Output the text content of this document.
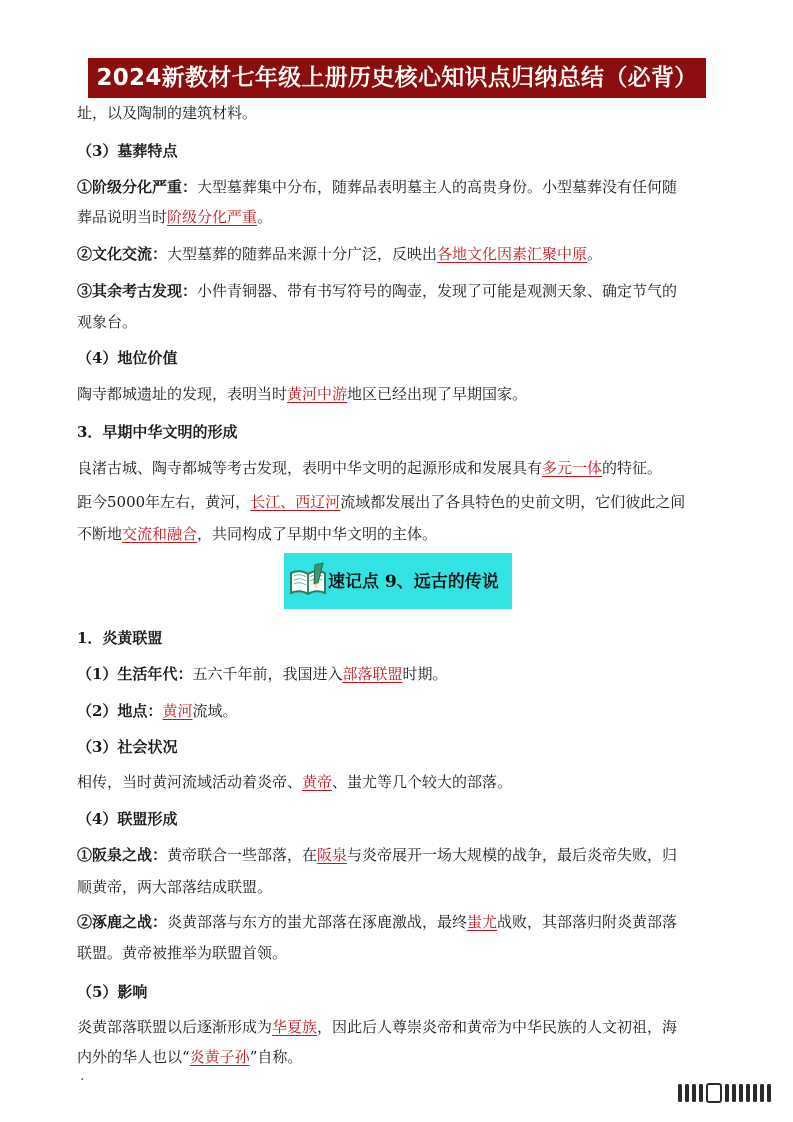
2024新教材七年级上册历史核心知识点归纳总结（必背）
址，以及陶制的建筑材料。
（3）墓葬特点
①阶级分化严重：大型墓葬集中分布，随葬品表明墓主人的高贵身份。小型墓葬没有任何随
葬品说明当时阶级分化严重。
②文化交流：大型墓葬的随葬品来源十分广泛，反映出各地文化因素汇聚中原。
③其余考古发现：小件青铜器、带有书写符号的陶壶，发现了可能是观测天象、确定节气的
观象台。
（4）地位价值
陶寺都城遗址的发现，表明当时黄河中游地区已经出现了早期国家。
3．早期中华文明的形成
良渚古城、陶寺都城等考古发现，表明中华文明的起源形成和发展具有多元一体的特征。
距今5000年左右，黄河，长江、西辽河流域都发展出了各具特色的史前文明，它们彼此之间
不断地交流和融合，共同构成了早期中华文明的主体。
1．炎黄联盟
（1）生活年代：五六千年前，我国进入部落联盟时期。
（2）地点：黄河流域。
（3）社会状况
相传，当时黄河流域活动着炎帝、黄帝、蚩尤等几个较大的部落。
（4）联盟形成
①阪泉之战：黄帝联合一些部落，在阪泉与炎帝展开一场大规模的战争，最后炎帝失败，归
顺黄帝，两大部落结成联盟。
②涿鹿之战：炎黄部落与东方的蚩尤部落在涿鹿激战，最终蚩尤战败，其部落归附炎黄部落
联盟。黄帝被推举为联盟首领。
（5）影响
炎黄部落联盟以后逐渐形成为华夏族，因此后人尊崇炎帝和黄帝为中华民族的人文初祖，海
内外的华人也以“炎黄子孙”自称。
速记点 9、远古的传说
·
